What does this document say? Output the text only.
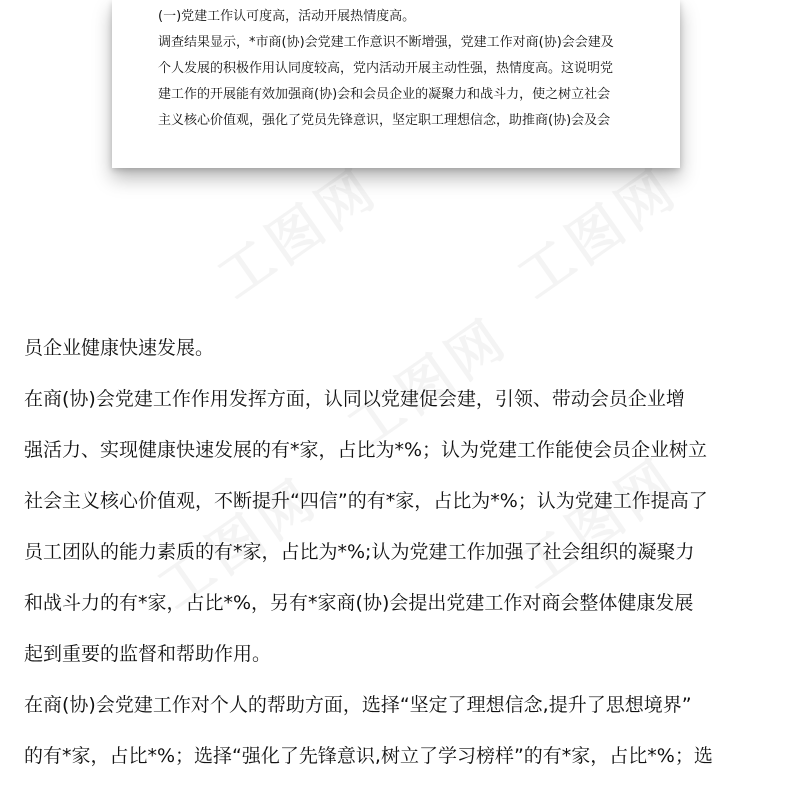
(一)党建工作认可度高，活动开展热情度高。
调查结果显示，*市商(协)会党建工作意识不断增强，党建工作对商(协)会会建及
个人发展的积极作用认同度较高，党内活动开展主动性强，热情度高。这说明党
建工作的开展能有效加强商(协)会和会员企业的凝聚力和战斗力，使之树立社会
主义核心价值观，强化了党员先锋意识，坚定职工理想信念，助推商(协)会及会
员企业健康快速发展。
在商(协)会党建工作作用发挥方面，认同以党建促会建，引领、带动会员企业增
强活力、实现健康快速发展的有*家，占比为*%；认为党建工作能使会员企业树立
社会主义核心价值观，不断提升“四信”的有*家，占比为*%；认为党建工作提高了
员工团队的能力素质的有*家，占比为*%;认为党建工作加强了社会组织的凝聚力
和战斗力的有*家，占比*%，另有*家商(协)会提出党建工作对商会整体健康发展
起到重要的监督和帮助作用。
在商(协)会党建工作对个人的帮助方面，选择“坚定了理想信念,提升了思想境界”
的有*家，占比*%；选择“强化了先锋意识,树立了学习榜样”的有*家，占比*%；选
